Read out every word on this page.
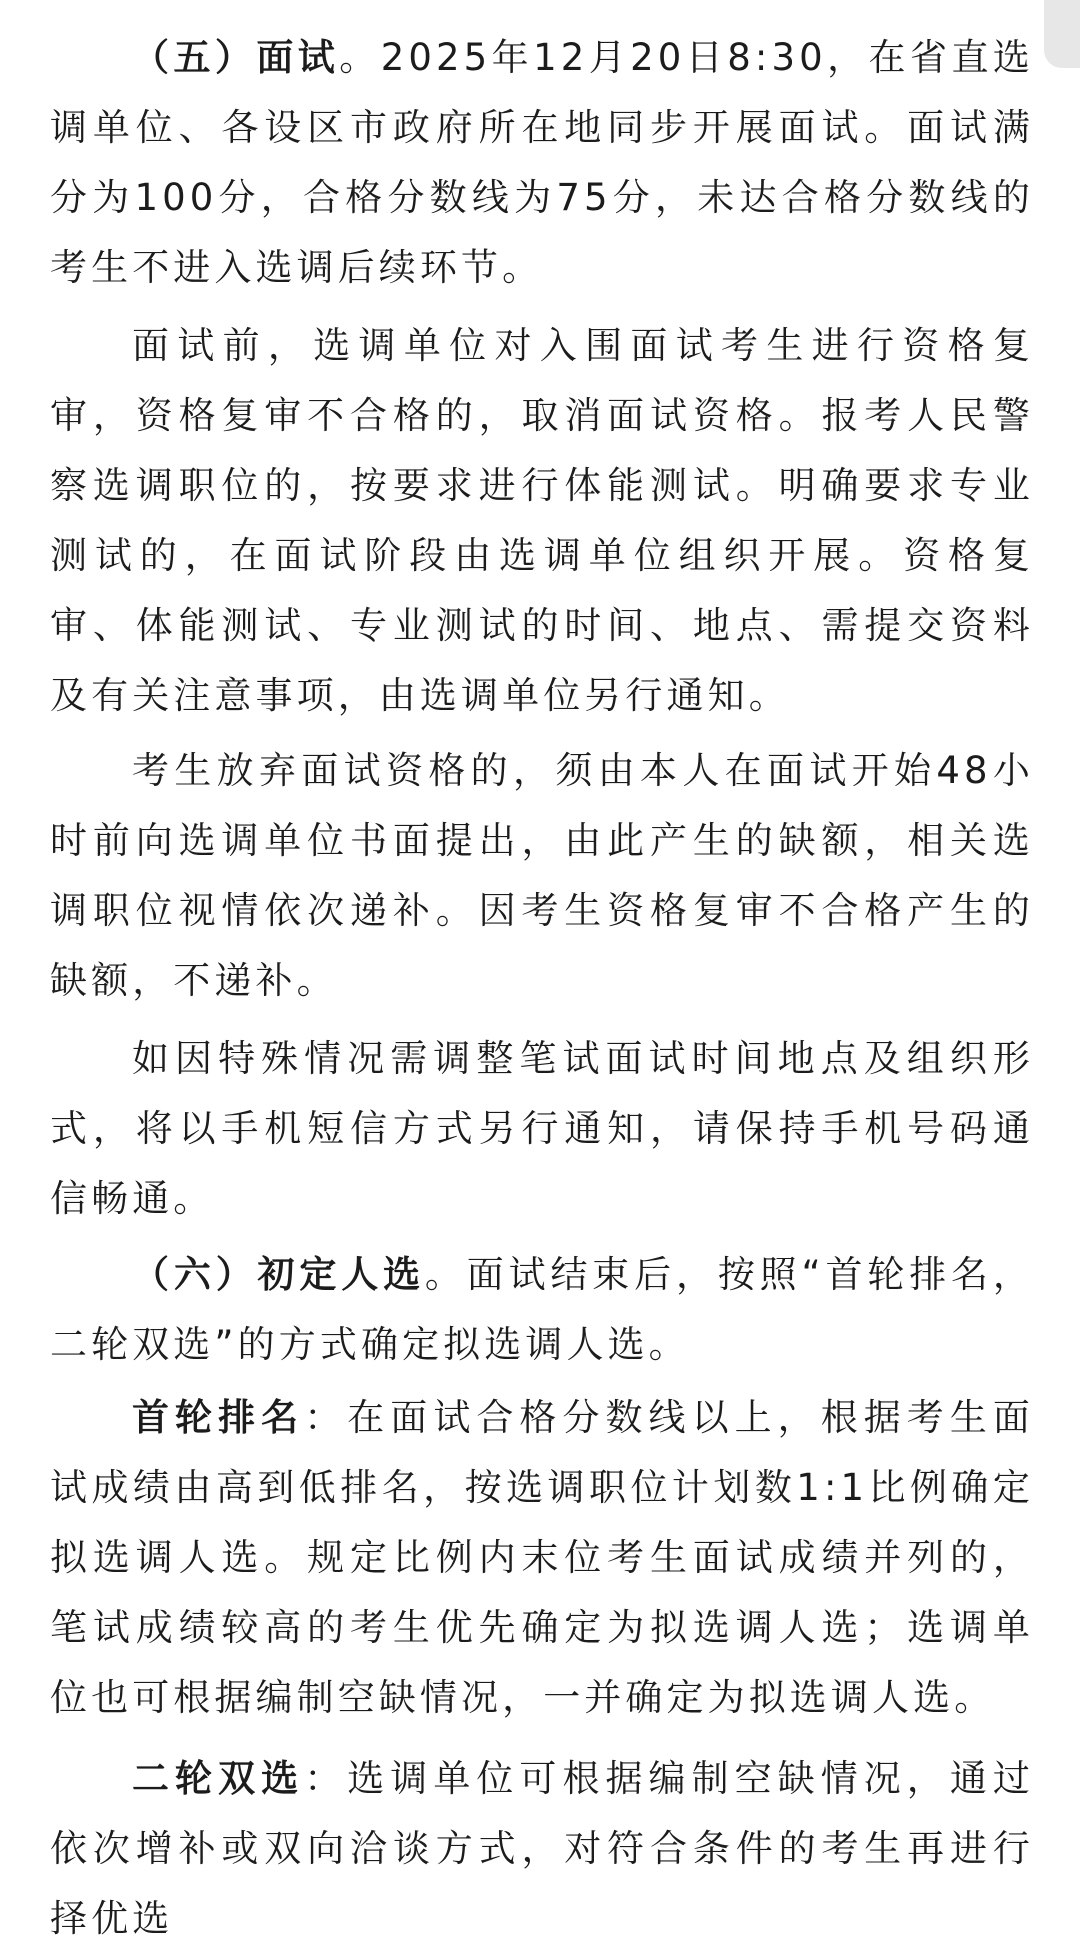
（五）面试。2025年12月20日8:30，在省直选调单位、各设区市政府所在地同步开展面试。面试满分为100分，合格分数线为75分，未达合格分数线的考生不进入选调后续环节。

面试前，选调单位对入围面试考生进行资格复审，资格复审不合格的，取消面试资格。报考人民警察选调职位的，按要求进行体能测试。明确要求专业测试的，在面试阶段由选调单位组织开展。资格复审、体能测试、专业测试的时间、地点、需提交资料及有关注意事项，由选调单位另行通知。

考生放弃面试资格的，须由本人在面试开始48小时前向选调单位书面提出，由此产生的缺额，相关选调职位视情依次递补。因考生资格复审不合格产生的缺额，不递补。

如因特殊情况需调整笔试面试时间地点及组织形式，将以手机短信方式另行通知，请保持手机号码通信畅通。

（六）初定人选。面试结束后，按照“首轮排名，二轮双选”的方式确定拟选调人选。

首轮排名：在面试合格分数线以上，根据考生面试成绩由高到低排名，按选调职位计划数1:1比例确定拟选调人选。规定比例内末位考生面试成绩并列的，笔试成绩较高的考生优先确定为拟选调人选；选调单位也可根据编制空缺情况，一并确定为拟选调人选。

二轮双选：选调单位可根据编制空缺情况，通过依次增补或双向洽谈方式，对符合条件的考生再进行择优选
